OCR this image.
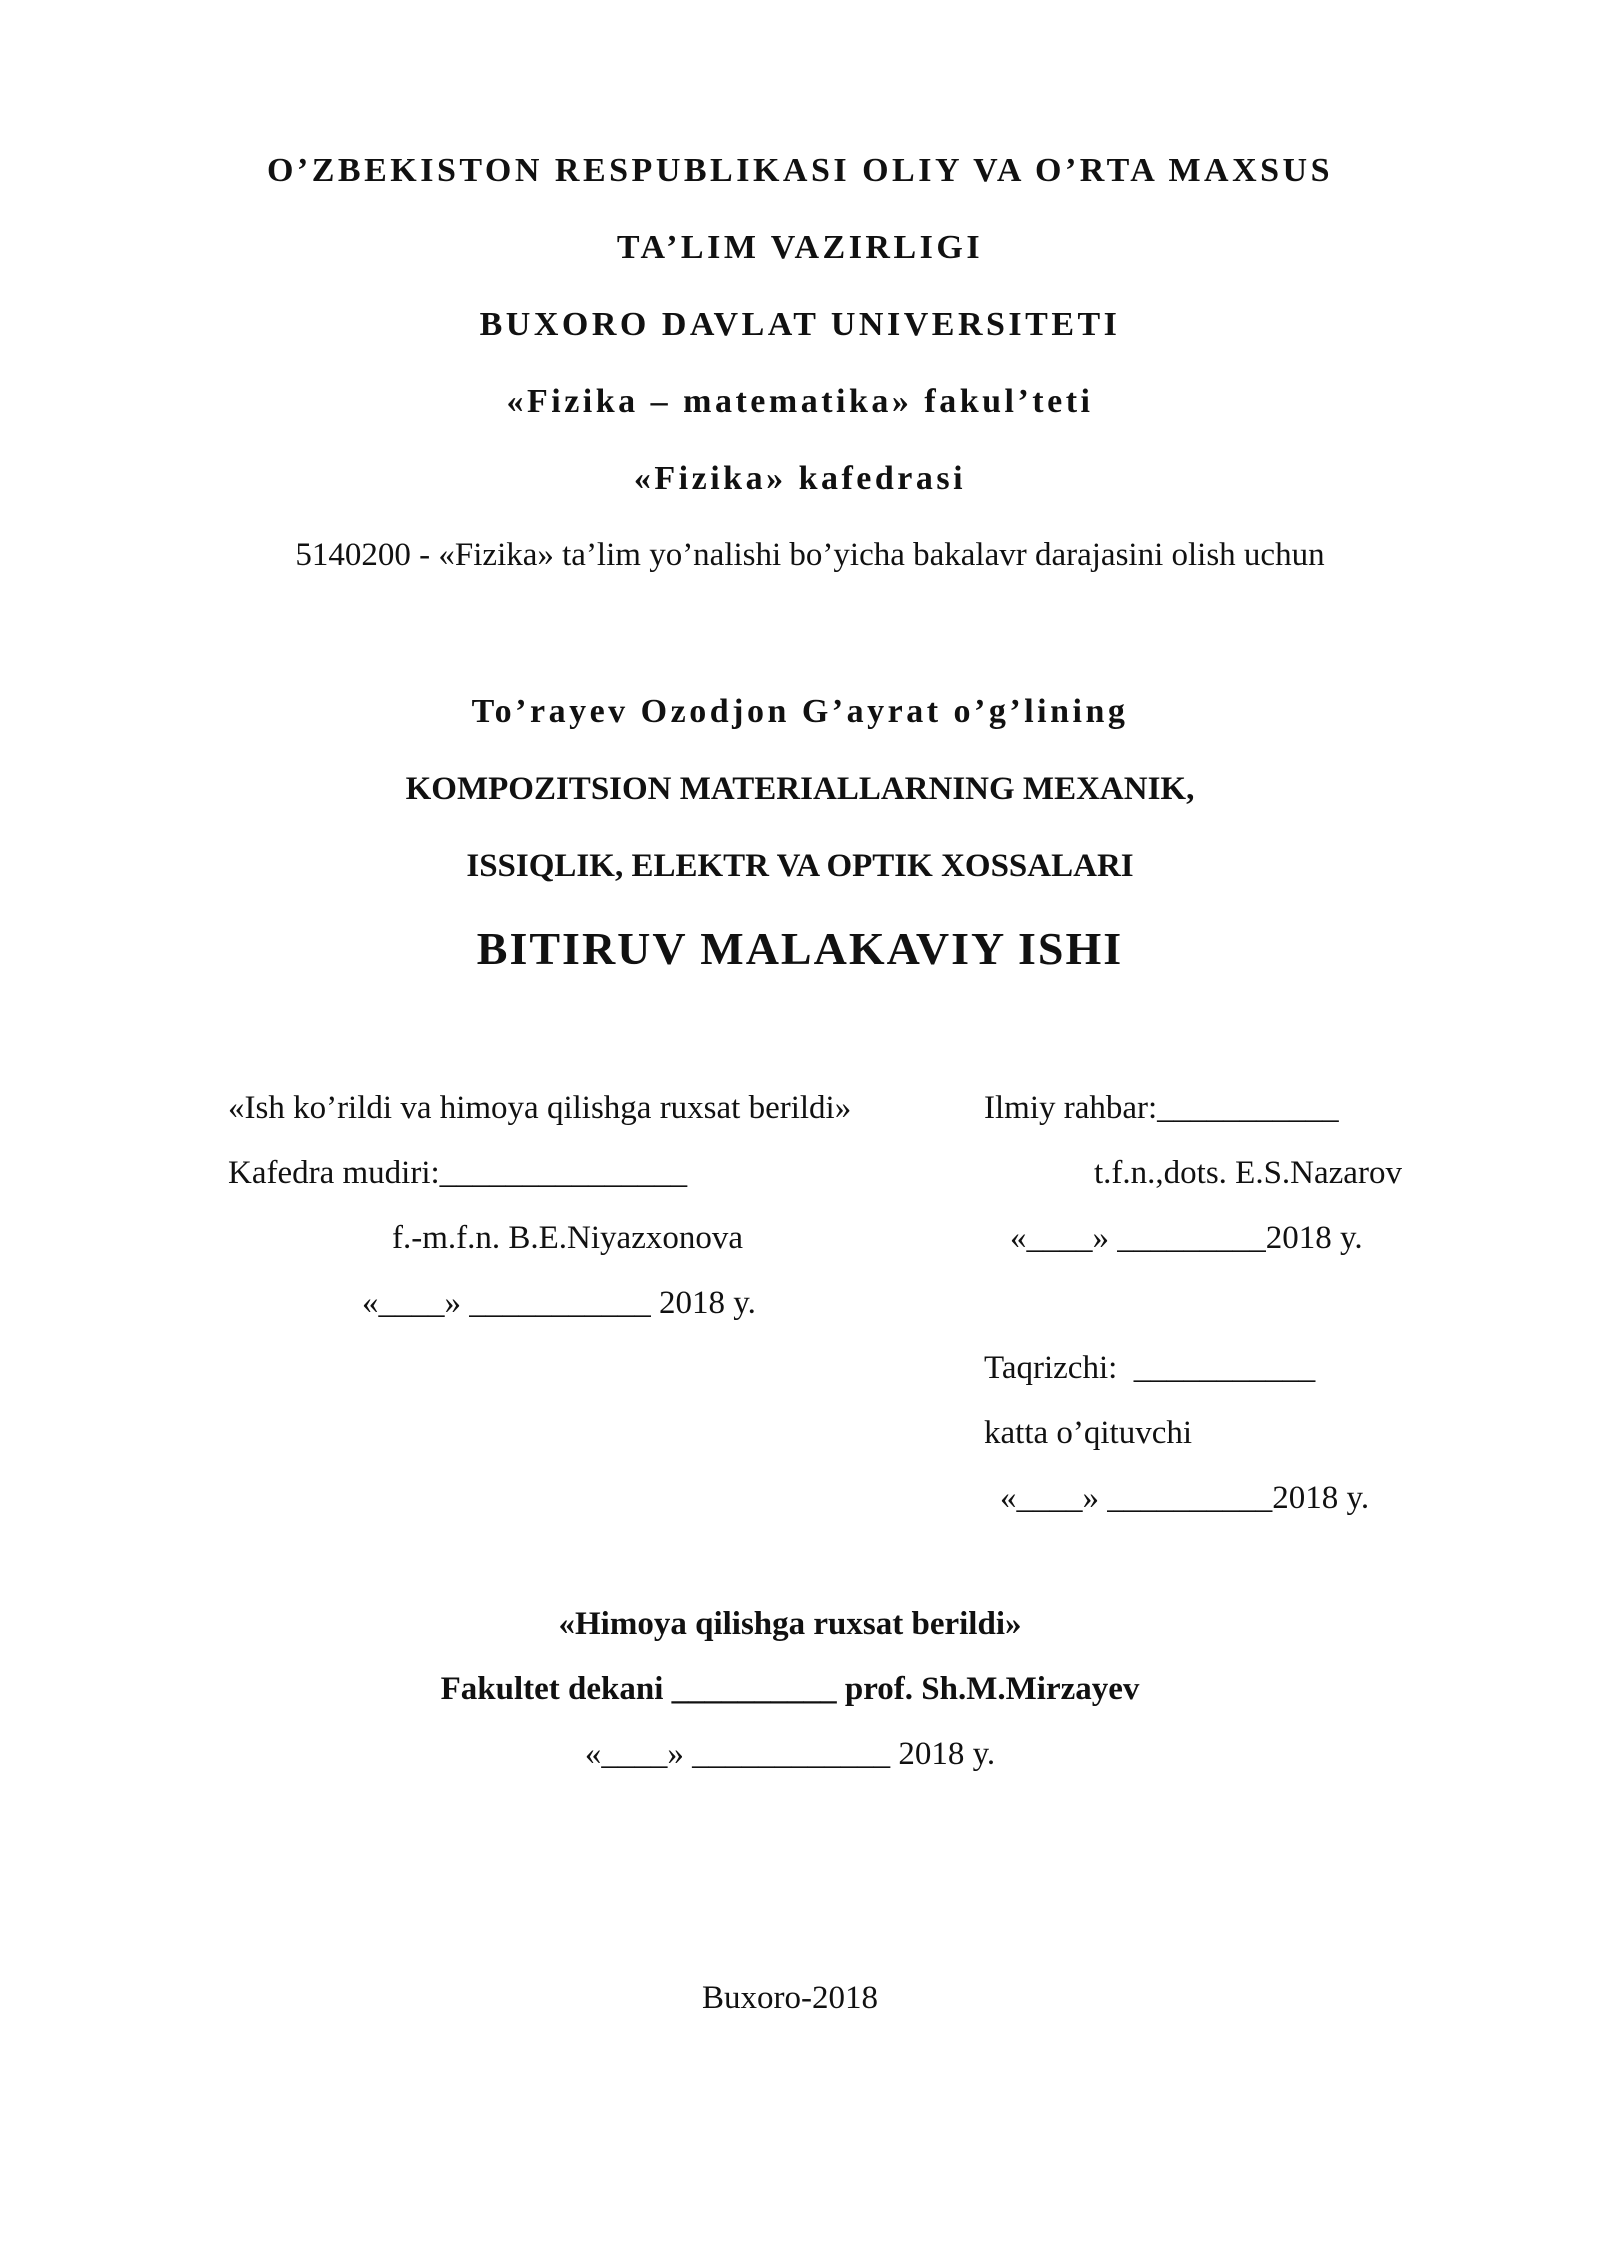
O’ZBEKISTON RESPUBLIKASI OLIY VA O’RTA MAXSUS
TA’LIM VAZIRLIGI
BUXORO DAVLAT UNIVERSITETI
«Fizika – matematika» fakul’teti
«Fizika» kafedrasi
5140200 - «Fizika» ta’lim yo’nalishi bo’yicha bakalavr darajasini olish uchun
To’rayev Ozodjon G’ayrat o’g’lining
KOMPOZITSION MATERIALLARNING MEXANIK,
ISSIQLIK, ELEKTR VA OPTIK XOSSALARI
BITIRUV MALAKAVIY ISHI
«Ish ko’rildi va himoya qilishga ruxsat berildi»
Kafedra mudiri:_______________
f.-m.f.n. B.E.Niyazxonova
«____» ___________ 2018 y.
Ilmiy rahbar:___________
t.f.n.,dots. E.S.Nazarov
«____» _________2018 y.
Taqrizchi:  ___________
katta o’qituvchi
«____» __________2018 y.
«Himoya qilishga ruxsat berildi»
Fakultet dekani __________ prof. Sh.M.Mirzayev
«____» ____________ 2018 y.
Buxoro-2018
